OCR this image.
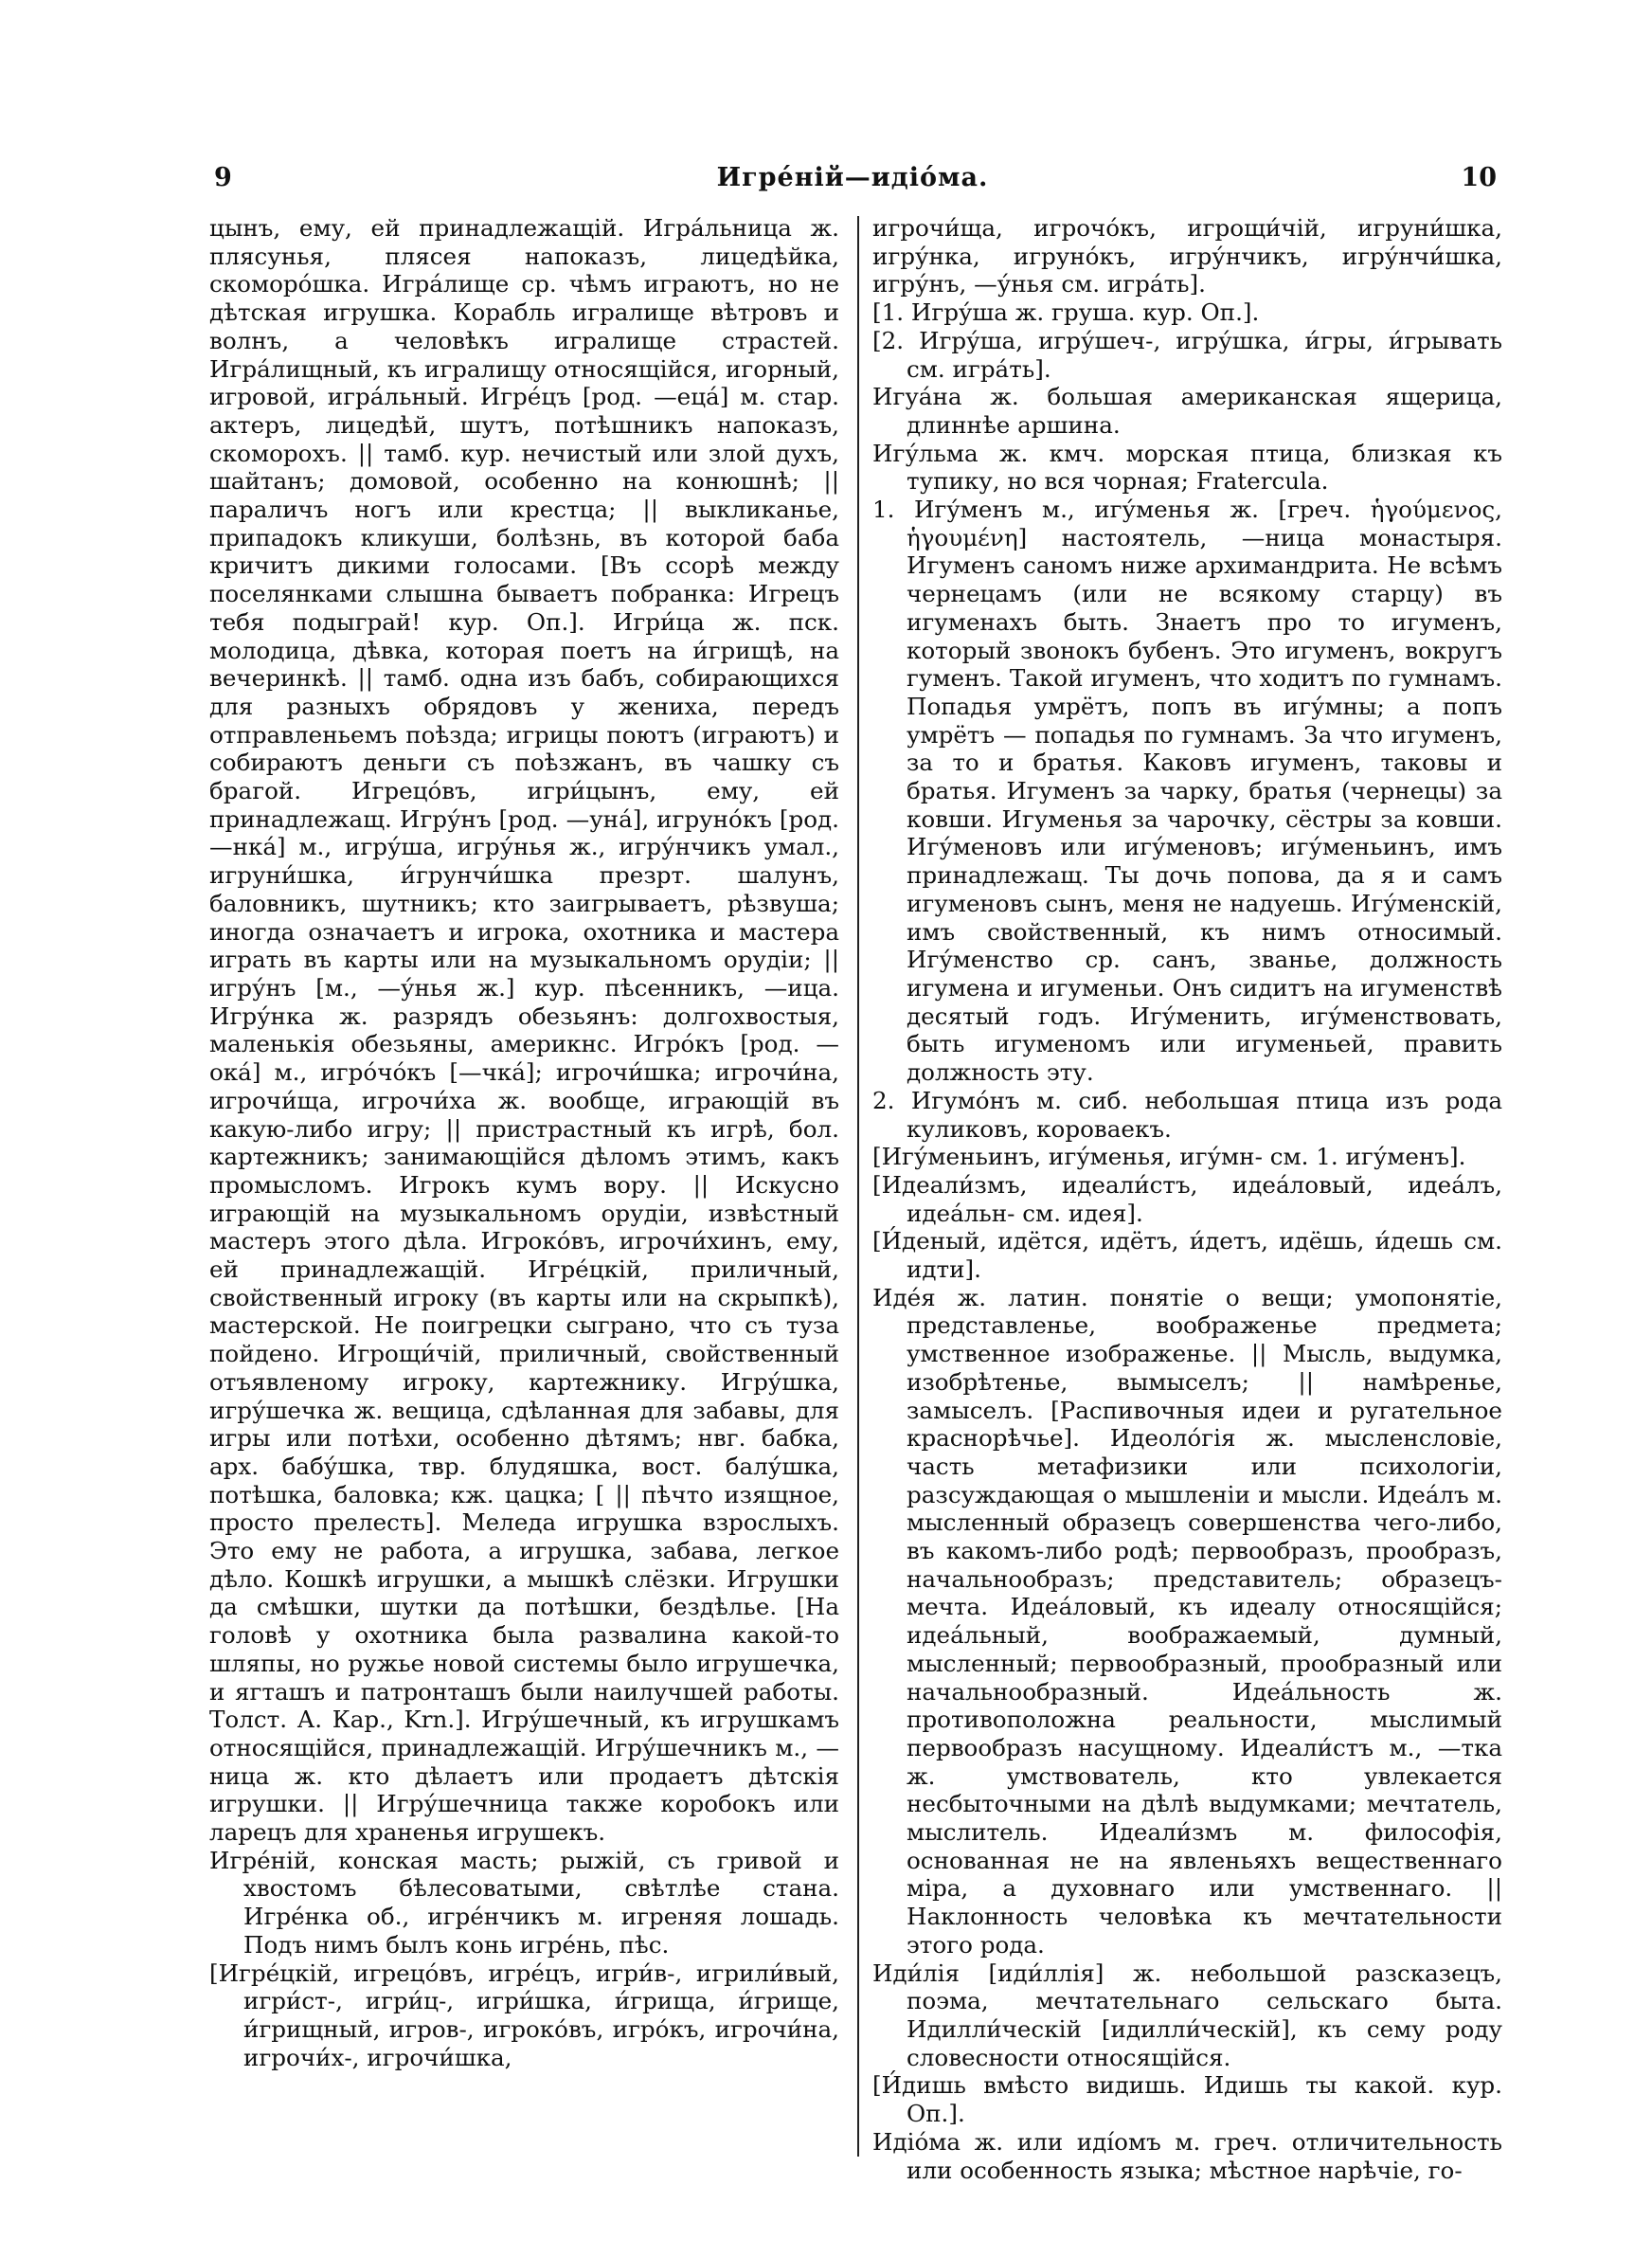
9	Игре́ній—идіо́ма.	10

цынъ, ему, ей принадлежащій. Игра́льница ж. плясунья, плясея напоказъ, лицедѣйка, скоморо́шка. Игра́лище ср. чѣмъ играютъ, но не дѣтская игрушка. Корабль игралище вѣтровъ и волнъ, а человѣкъ игралище страстей. Игра́лищный, къ игралищу относящійся, игорный, игровой, игра́льный. Игре́цъ [род. —еца́] м. стар. актеръ, лицедѣй, шутъ, потѣшникъ напоказъ, скоморохъ. || тамб. кур. нечистый или злой духъ, шайтанъ; домовой, особенно на конюшнѣ; || параличъ ногъ или крестца; || выкликанье, припадокъ кликуши, болѣзнь, въ которой баба кричитъ дикими голосами. [Въ ссорѣ между поселянками слышна бываетъ побранка: Игрецъ тебя подыграй! кур. Оп.]. Игри́ца ж. пск. молодица, дѣвка, которая поетъ на и́грищѣ, на вечеринкѣ. || тамб. одна изъ бабъ, собирающихся для разныхъ обрядовъ у жениха, передъ отправленьемъ поѣзда; игрицы поютъ (играютъ) и собираютъ деньги съ поѣзжанъ, въ чашку съ брагой. Игрецо́въ, игри́цынъ, ему, ей принадлежащ. Игру́нъ [род. —уна́], игруно́къ [род. —нка́] м., игру́ша, игру́нья ж., игру́нчикъ умал., игруни́шка, и́грунчи́шка презрт. шалунъ, баловникъ, шутникъ; кто заигрываетъ, рѣзвуша; иногда означаетъ и игрока, охотника и мастера играть въ карты или на музыкальномъ орудіи; || игру́нъ [м., —у́нья ж.] кур. пѣсенникъ, —ица. Игру́нка ж. разрядъ обезьянъ: долгохвостыя, маленькія обезьяны, америкнс. Игро́къ [род. —ока́] м., игро́чо́къ [—чка́]; игрочи́шка; игрочи́на, игрочи́ща, игрочи́ха ж. вообще, играющій въ какую-либо игру; || пристрастный къ игрѣ, бол. картежникъ; занимающійся дѣломъ этимъ, какъ промысломъ. Игрокъ кумъ вору. || Искусно играющій на музыкальномъ орудіи, извѣстный мастеръ этого дѣла. Игроко́въ, игрочи́хинъ, ему, ей принадлежащій. Игре́цкій, приличный, свойственный игроку (въ карты или на скрыпкѣ), мастерской. Не поигрецки сыграно, что съ туза пойдено. Игрощи́чій, приличный, свойственный отъявленому игроку, картежнику. Игру́шка, игру́шечка ж. вещица, сдѣланная для забавы, для игры или потѣхи, особенно дѣтямъ; нвг. бабка, арх. бабу́шка, твр. блудяшка, вост. балу́шка, потѣшка, баловка; кж. цацка; [ || пѣчто изящное, просто прелесть]. Меледа игрушка взрослыхъ. Это ему не работа, а игрушка, забава, легкое дѣло. Кошкѣ игрушки, а мышкѣ слёзки. Игрушки да смѣшки, шутки да потѣшки, бездѣлье. [На головѣ у охотника была развалина какой-то шляпы, но ружье новой системы было игрушечка, и ягташъ и патронташъ были наилучшей работы. Толст. А. Кар., Krn.]. Игру́шечный, къ игрушкамъ относящійся, принадлежащій. Игру́шечникъ м., —ница ж. кто дѣлаетъ или продаетъ дѣтскія игрушки. || Игру́шечница также коробокъ или ларецъ для храненья игрушекъ.

Игре́ній, конская масть; рыжій, съ гривой и хвостомъ бѣлесоватыми, свѣтлѣе стана. Игре́нка об., игре́нчикъ м. игреняя лошадь. Подъ нимъ былъ конь игре́нь, пѣс.

[Игре́цкій, игрецо́въ, игре́цъ, игри́в-, игрили́вый, игри́ст-, игри́ц-, игри́шка, и́грища, и́грище, и́грищный, игров-, игроко́въ, игро́къ, игрочи́на, игрочи́х-, игрочи́шка,

игрочи́ща, игрочо́къ, игрощи́чій, игруни́шка, игру́нка, игруно́къ, игру́нчикъ, игру́нчи́шка, игру́нъ, —у́нья см. игра́ть].

[1. Игру́ша ж. груша. кур. Оп.].

[2. Игру́ша, игру́шеч-, игру́шка, и́гры, и́грывать см. игра́ть].

Игуа́на ж. большая американская ящерица, длиннѣе аршина.

Игу́льма ж. кмч. морская птица, близкая къ тупику, но вся чорная; Fratercula.

1. Игу́менъ м., игу́менья ж. [греч. ἡγούμενος, ἡγουμένη] настоятель, —ница монастыря. Игуменъ саномъ ниже архимандрита. Не всѣмъ чернецамъ (или не всякому старцу) въ игуменахъ быть. Знаетъ про то игуменъ, который звонокъ бубенъ. Это игуменъ, вокругъ гуменъ. Такой игуменъ, что ходитъ по гумнамъ. Попадья умрётъ, попъ въ игу́мны; а попъ умрётъ — попадья по гумнамъ. За что игуменъ, за то и братья. Каковъ игуменъ, таковы и братья. Игуменъ за чарку, братья (чернецы) за ковши. Игуменья за чарочку, сёстры за ковши. Игу́меновъ или игу́меновъ; игу́меньинъ, имъ принадлежащ. Ты дочь попова, да я и самъ игуменовъ сынъ, меня не надуешь. Игу́менскій, имъ свойственный, къ нимъ относимый. Игу́менство ср. санъ, званье, должность игумена и игуменьи. Онъ сидитъ на игуменствѣ десятый годъ. Игу́менить, игу́менствовать, быть игуменомъ или игуменьей, править должность эту.

2. Игумо́нъ м. сиб. небольшая птица изъ рода куликовъ, короваекъ.

[Игу́меньинъ, игу́менья, игу́мн- см. 1. игу́менъ].

[Идеали́змъ, идеали́стъ, идеа́ловый, идеа́лъ, идеа́льн- см. идея].

[И́деный, идётся, идётъ, и́детъ, идёшь, и́дешь см. идти].

Иде́я ж. латин. понятіе о вещи; умопонятіе, представленье, воображенье предмета; умственное изображенье. || Мысль, выдумка, изобрѣтенье, вымыселъ; || намѣренье, замыселъ. [Распивочныя идеи и ругательное краснорѣчье]. Идеоло́гія ж. мысленсловіе, часть метафизики или психологіи, разсуждающая о мышленіи и мысли. Идеа́лъ м. мысленный образецъ совершенства чего-либо, въ какомъ-либо родѣ; первообразъ, прообразъ, начальнообразъ; представитель; образецъ-мечта. Идеа́ловый, къ идеалу относящійся; идеа́льный, воображаемый, думный, мысленный; первообразный, прообразный или начальнообразный. Идеа́льность ж. противоположна реальности, мыслимый первообразъ насущному. Идеали́стъ м., —тка ж. умствователь, кто увлекается несбыточными на дѣлѣ выдумками; мечтатель, мыслитель. Идеали́змъ м. философія, основанная не на явленьяхъ вещественнаго міра, а духовнаго или умственнаго. || Наклонность человѣка къ мечтательности этого рода.

Иди́лія [иди́ллія] ж. небольшой разсказецъ, поэма, мечтательнаго сельскаго быта. Идилли́ческій [идилли́ческій], къ сему роду словесности относящійся.

[И́дишь вмѣсто видишь. Идишь ты какой. кур. Оп.].

Идіо́ма ж. или иді́омъ м. греч. отличительность или особенность языка; мѣстное нарѣчіе, го-
